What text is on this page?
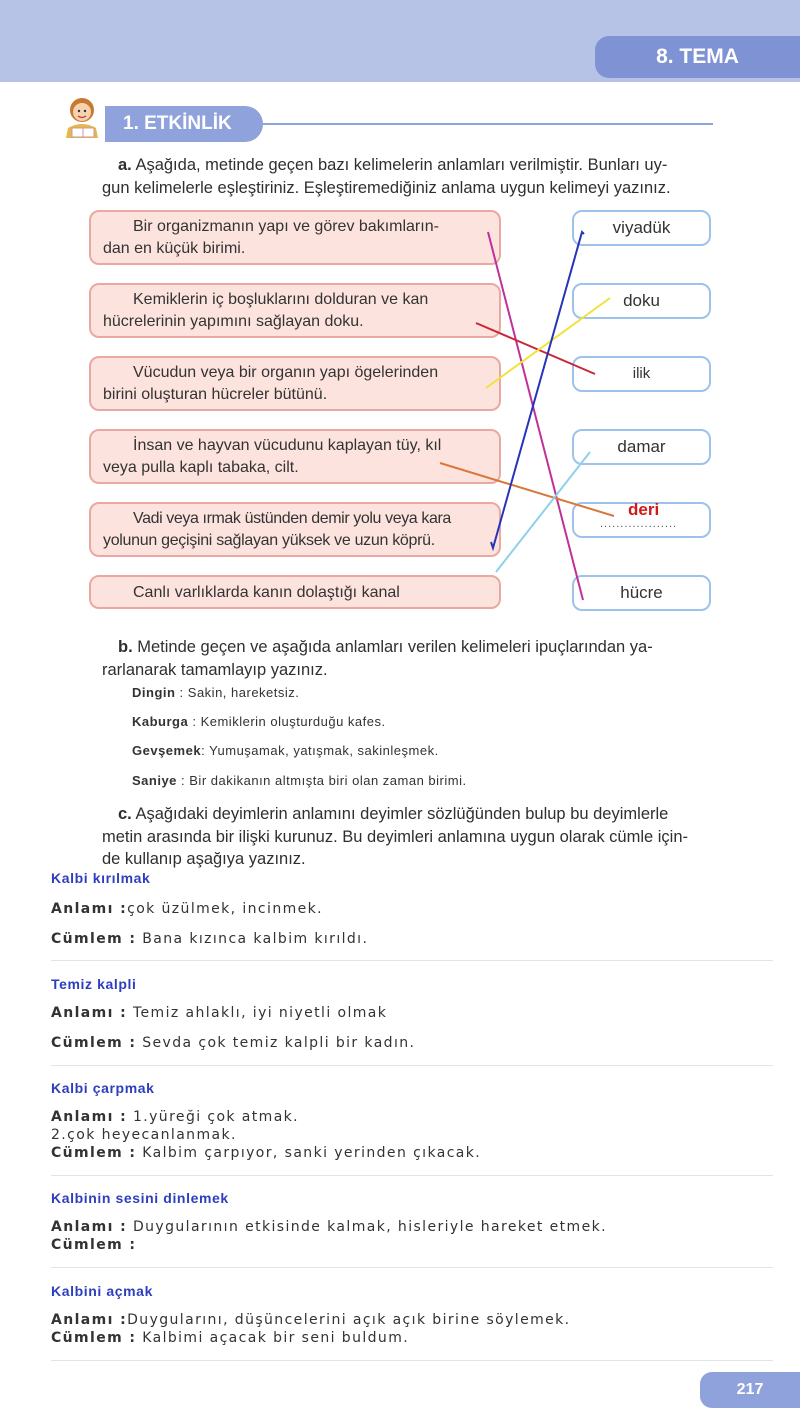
8. TEMA
1. ETKİNLİK
a. Aşağıda, metinde geçen bazı kelimelerin anlamları verilmiştir. Bunları uy-
gun kelimelerle eşleştiriniz. Eşleştiremediğiniz anlama uygun kelimeyi yazınız.
Bir organizmanın yapı ve görev bakımların-
dan en küçük birimi.
Kemiklerin iç boşluklarını dolduran ve kan
hücrelerinin yapımını sağlayan doku.
Vücudun veya bir organın yapı ögelerinden
birini oluşturan hücreler bütünü.
İnsan ve hayvan vücudunu kaplayan tüy, kıl
veya pulla kaplı tabaka, cilt.
Vadi veya ırmak üstünden demir yolu veya kara
yolunun geçişini sağlayan yüksek ve uzun köprü.
Canlı varlıklarda kanın dolaştığı kanal
viyadük
doku
ilik
damar
deri
...................
hücre
b. Metinde geçen ve aşağıda anlamları verilen kelimeleri ipuçlarından ya-
rarlanarak tamamlayıp yazınız.
Dingin : Sakin, hareketsiz.
Kaburga : Kemiklerin oluşturduğu kafes.
Gevşemek: Yumuşamak, yatışmak, sakinleşmek.
Saniye : Bir dakikanın altmışta biri olan zaman birimi.
c. Aşağıdaki deyimlerin anlamını deyimler sözlüğünden bulup bu deyimlerle
metin arasında bir ilişki kurunuz. Bu deyimleri anlamına uygun olarak cümle için-
de kullanıp aşağıya yazınız.
Kalbi kırılmak
Anlamı :çok üzülmek, incinmek.
Cümlem : Bana kızınca kalbim kırıldı.
Temiz kalpli
Anlamı : Temiz ahlaklı, iyi niyetli olmak
Cümlem : Sevda çok temiz kalpli bir kadın.
Kalbi çarpmak
Anlamı : 1.yüreği çok atmak.
2.çok heyecanlanmak.
Cümlem : Kalbim çarpıyor, sanki yerinden çıkacak.
Kalbinin sesini dinlemek
Anlamı : Duygularının etkisinde kalmak, hisleriyle hareket etmek.
Cümlem :
Kalbini açmak
Anlamı :Duygularını, düşüncelerini açık açık birine söylemek.
Cümlem : Kalbimi açacak bir seni buldum.
217
